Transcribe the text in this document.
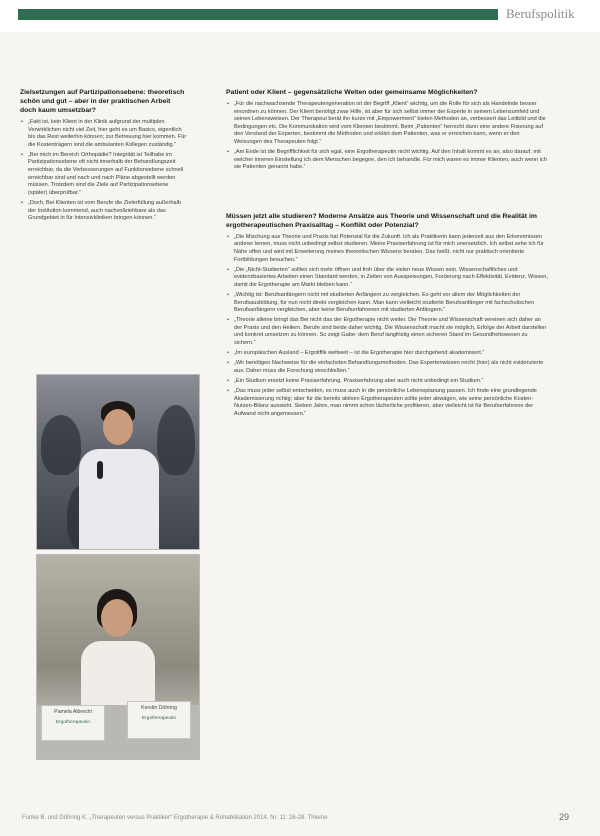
Berufspolitik
Zielsetzungen auf Partizipationsebene: theoretisch schön und gut – aber in der praktischen Arbeit doch kaum umsetzbar?
• „Fakt ist, kein Klient in der Klinik aufgrund der multiplen Verwirklichen nicht viel Zeit, hier geht es um Basics, eigentlich bis das Rest weiterhin können; zur Betreuung hier kommen. Für die Kostenträgern sind die ambulanten Kollegen zuständig.“
• „Bei mich im Bereich Orthopädie? Integrität ist Teilhabe im Partizipationsebene oft nicht innerhalb der Behandlungszeit erreichbar, da die Verbesserungen auf Funktionsebene schnell erreichbar sind und nach und nach Pläne abgestellt werden müssen. Trotzdem sind die Ziele auf Partizipationsebene (später) überprüfbar.“
• „Doch, Bei Klienten ist vom Berufe die Zielerfüllung außerhalb der Institution kommend, auch nachvollziehbare als das Grundgebiet in für Intensivkliniken bringen können.“
Patient oder Klient – gegensätzliche Welten oder gemeinsame Möglichkeiten?
• „Für die nachwachsende Therapeutengeneration ist der Begriff „Klient“ wichtig, um die Rolle für sich als Handelnde besser einordnen zu können. Der Klient benötigt zwar Hilfe, ist aber für sich selbst immer der Experte in seinem Lebensumfeld und seinen Lebensweisen. Der Therapeut berät ihn kurze mit „Empowerment“ bieten Methoden an, verbessert das Leitbild und die Bedingungen etc. Die Kommunikation wird vom Klienten bestimmt. Beim „Patienten“ herrscht dann eine andere Fixierung auf den Verstand der Experten, bestimmt die Methoden und erklärt dem Patienten, was er erreichen kann, wenn er den Weisungen des Therapeuten folgt.“
• „Am Ende ist die Begrifflichkeit für sich egal, eine Ergotherapeutin nicht wichtig. Auf den Inhalt kommt es an, also darauf, mit welcher inneren Einstellung ich dem Menschen begegne, den ich behandle. Für mich waren es immer Klienten, auch wenn ich sie Patienten genannt habe.“
Müssen jetzt alle studieren? Moderne Ansätze aus Theorie und Wissenschaft und die Realität im ergotherapeutischen Praxisalltag – Konflikt oder Potenzial?
• „Die Mischung aus Theorie und Praxis hat Potenzial für die Zukunft. Ich als Praktikerin kann jederzeit aus den Erkenntnissen anderer lernen, muss nicht unbedingt selbst studieren. Meine Praxiserfahrung ist für mich unersetzlich. Ich selbst sehe ich für Nähe offen und wird mit Erweiterung meines theoretischen Wissens beraten. Das heißt, nicht nur praktisch orientierte Fortbildungen besuchen.“
• „Die „Nicht-Studierten“ sollten sich mehr öffnen und froh über die vielen neue Wissen sein. Wissenschaftliches und evidenzbasiertes Arbeiten einen Standard werden, in Zeiten von Ausspeisungen, Forderung nach Effektivität, Evidenz, Wissen, damit die Ergotherapie am Markt bleiben kann.“
• „Wichtig ist: Berufsanfängern nicht mit studierten Anfängern zu vergleichen. Es geht vor allem der Möglichkeiten der Berufsausbildung, für nun nicht direkt vergleichen kann. Man kann vielleicht studierte Berufsanfänger mit fachschulischen Berufsanfängern vergleichen, aber keine Berufserfahrenen mit studierten Anfängern.“
• „Theorie alleine bringt das Bei nicht das der Ergotherapie nicht weiter. Die Theorie und Wissenschaft vereinen sich daher an der Praxis und den Heilern. Berufe sind beide daher wichtig. Die Wissenschaft macht sie möglich, Erfolge der Arbeit darstellen und konkret umsetzen zu können. So zeigt Gabe: dem Beruf langfristig einen sicheren Stand im Gesundheitswesen zu sichern.“
• „Im europäischen Ausland – Ergotiffik weltweit – ist die Ergotherapie hier durchgehend akademisiert.“
• „Wir benötigen Nachweise für die einfachsten Behandlungsmethoden. Das Expertenwissen reicht (hier) als nicht evidenzierte aus. Daher muss die Forschung einschließen.“
• „Ein Studium ersetzt keine Praxiserfahrung. Praxiserfahrung aber auch nicht unbedingt ein Studium.“
• „Das muss jeder selbst entscheiden, es muss auch in die persönliche Lebensplanung passen. Ich finde eine grundlegende Akademisierung richtig; aber für die bereits aktiven Ergotherapeuten sollte jeder abwägen, wie seine persönliche Kosten-Nutzen-Bilanz aussieht. Sieben Jahre, man nimmt schon lächerliche profitieren, aber vielleicht ist für Berufserfahrene der Aufwand nicht angemessen.“
Pamela Albrecht
Ergotherapeutin
Kerstin Döhring
Ergotherapeutin
Funke B. und Döhring K. „Therapeuten versus Praktiker“ Ergotherapie & Rehabilitation 2014, Nr. 11: 26-28. Thieme	29
